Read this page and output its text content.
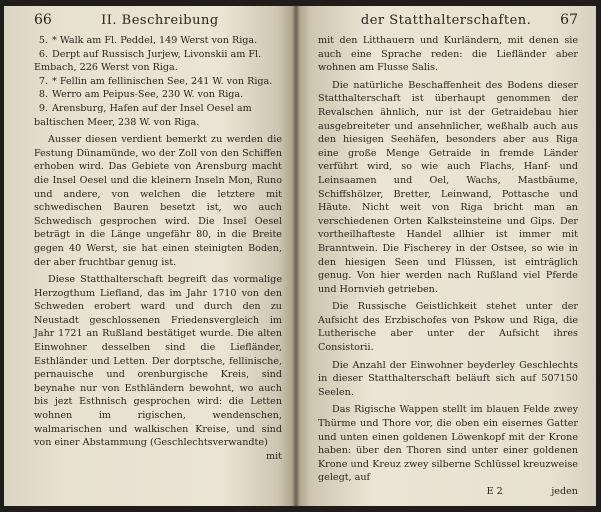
66	II. Beschreibung
5. * Walk am Fl. Peddel, 149 Werst von Riga.
6. Derpt auf Russisch Jurjew, Livonskii am Fl. Embach, 226 Werst von Riga.
7. * Fellin am fellinischen See, 241 W. von Riga.
8. Werro am Peipus-See, 230 W. von Riga.
9. Arensburg, Hafen auf der Insel Oesel am baltischen Meer, 238 W. von Riga.

Ausser diesen verdient bemerkt zu werden die Festung Dünamünde, wo der Zoll von den Schiffen erhoben wird. Das Gebiete von Arensburg macht die Insel Oesel und die kleinern Inseln Mon, Runo und andere, von welchen die letztere mit schwedischen Bauren besetzt ist, wo auch Schwedisch gesprochen wird. Die Insel Oesel beträgt in die Länge ungefähr 80, in die Breite gegen 40 Werst, sie hat einen steinigten Boden, der aber fruchtbar genug ist.

Diese Statthalterschaft begreift das vormalige Herzogthum Liefland, das im Jahr 1710 von den Schweden erobert ward und durch den zu Neustadt geschlossenen Friedensvergleich im Jahr 1721 an Rußland bestätiget wurde. Die alten Einwohner desselben sind die Liefländer, Esthländer und Letten. Der dorptsche, fellinische, pernauische und orenburgische Kreis, sind beynahe nur von Esthländern bewohnt, wo auch bis jezt Esthnisch gesprochen wird: die Letten wohnen im rigischen, wendenschen, walmarischen und walkischen Kreise, und sind von einer Abstammung (Geschlechtsverwandte)

mit
der Statthalterschaften. 67

mit den Litthauern und Kurländern, mit denen sie auch eine Sprache reden: die Liefländer aber wohnen am Flusse Salis.

Die natürliche Beschaffenheit des Bodens dieser Statthalterschaft ist überhaupt genommen der Revalschen ähnlich, nur ist der Getraidebau hier ausgebreiteter und ansehnlicher, weßhalb auch aus den hiesigen Seehäfen, besonders aber aus Riga eine große Menge Getraide in fremde Länder verführt wird, so wie auch Flachs, Hanf- und Leinsaamen und Oel, Wachs, Mastbäume, Schiffshölzer, Bretter, Leinwand, Pottasche und Häute. Nicht weit von Riga bricht man an verschiedenen Orten Kalksteinsteine und Gips. Der vortheilhafteste Handel allhier ist immer mit Branntwein. Die Fischerey in der Ostsee, so wie in den hiesigen Seen und Flüssen, ist einträglich genug. Von hier werden nach Rußland viel Pferde und Hornvieh getrieben.

Die Russische Geistlichkeit stehet unter der Aufsicht des Erzbischofes von Pskow und Riga, die Lutherische aber unter der Aufsicht ihres Consistorii.

Die Anzahl der Einwohner beyderley Geschlechts in dieser Statthalterschaft beläuft sich auf 507150 Seelen.

Das Rigische Wappen stellt im blauen Felde zwey Thürme und Thore vor, die oben ein eisernes Gatter und unten einen goldenen Löwenkopf mit der Krone haben: über den Thoren sind unter einer goldenen Krone und Kreuz zwey silberne Schlüssel kreuzweise gelegt, auf

E 2	jeden
